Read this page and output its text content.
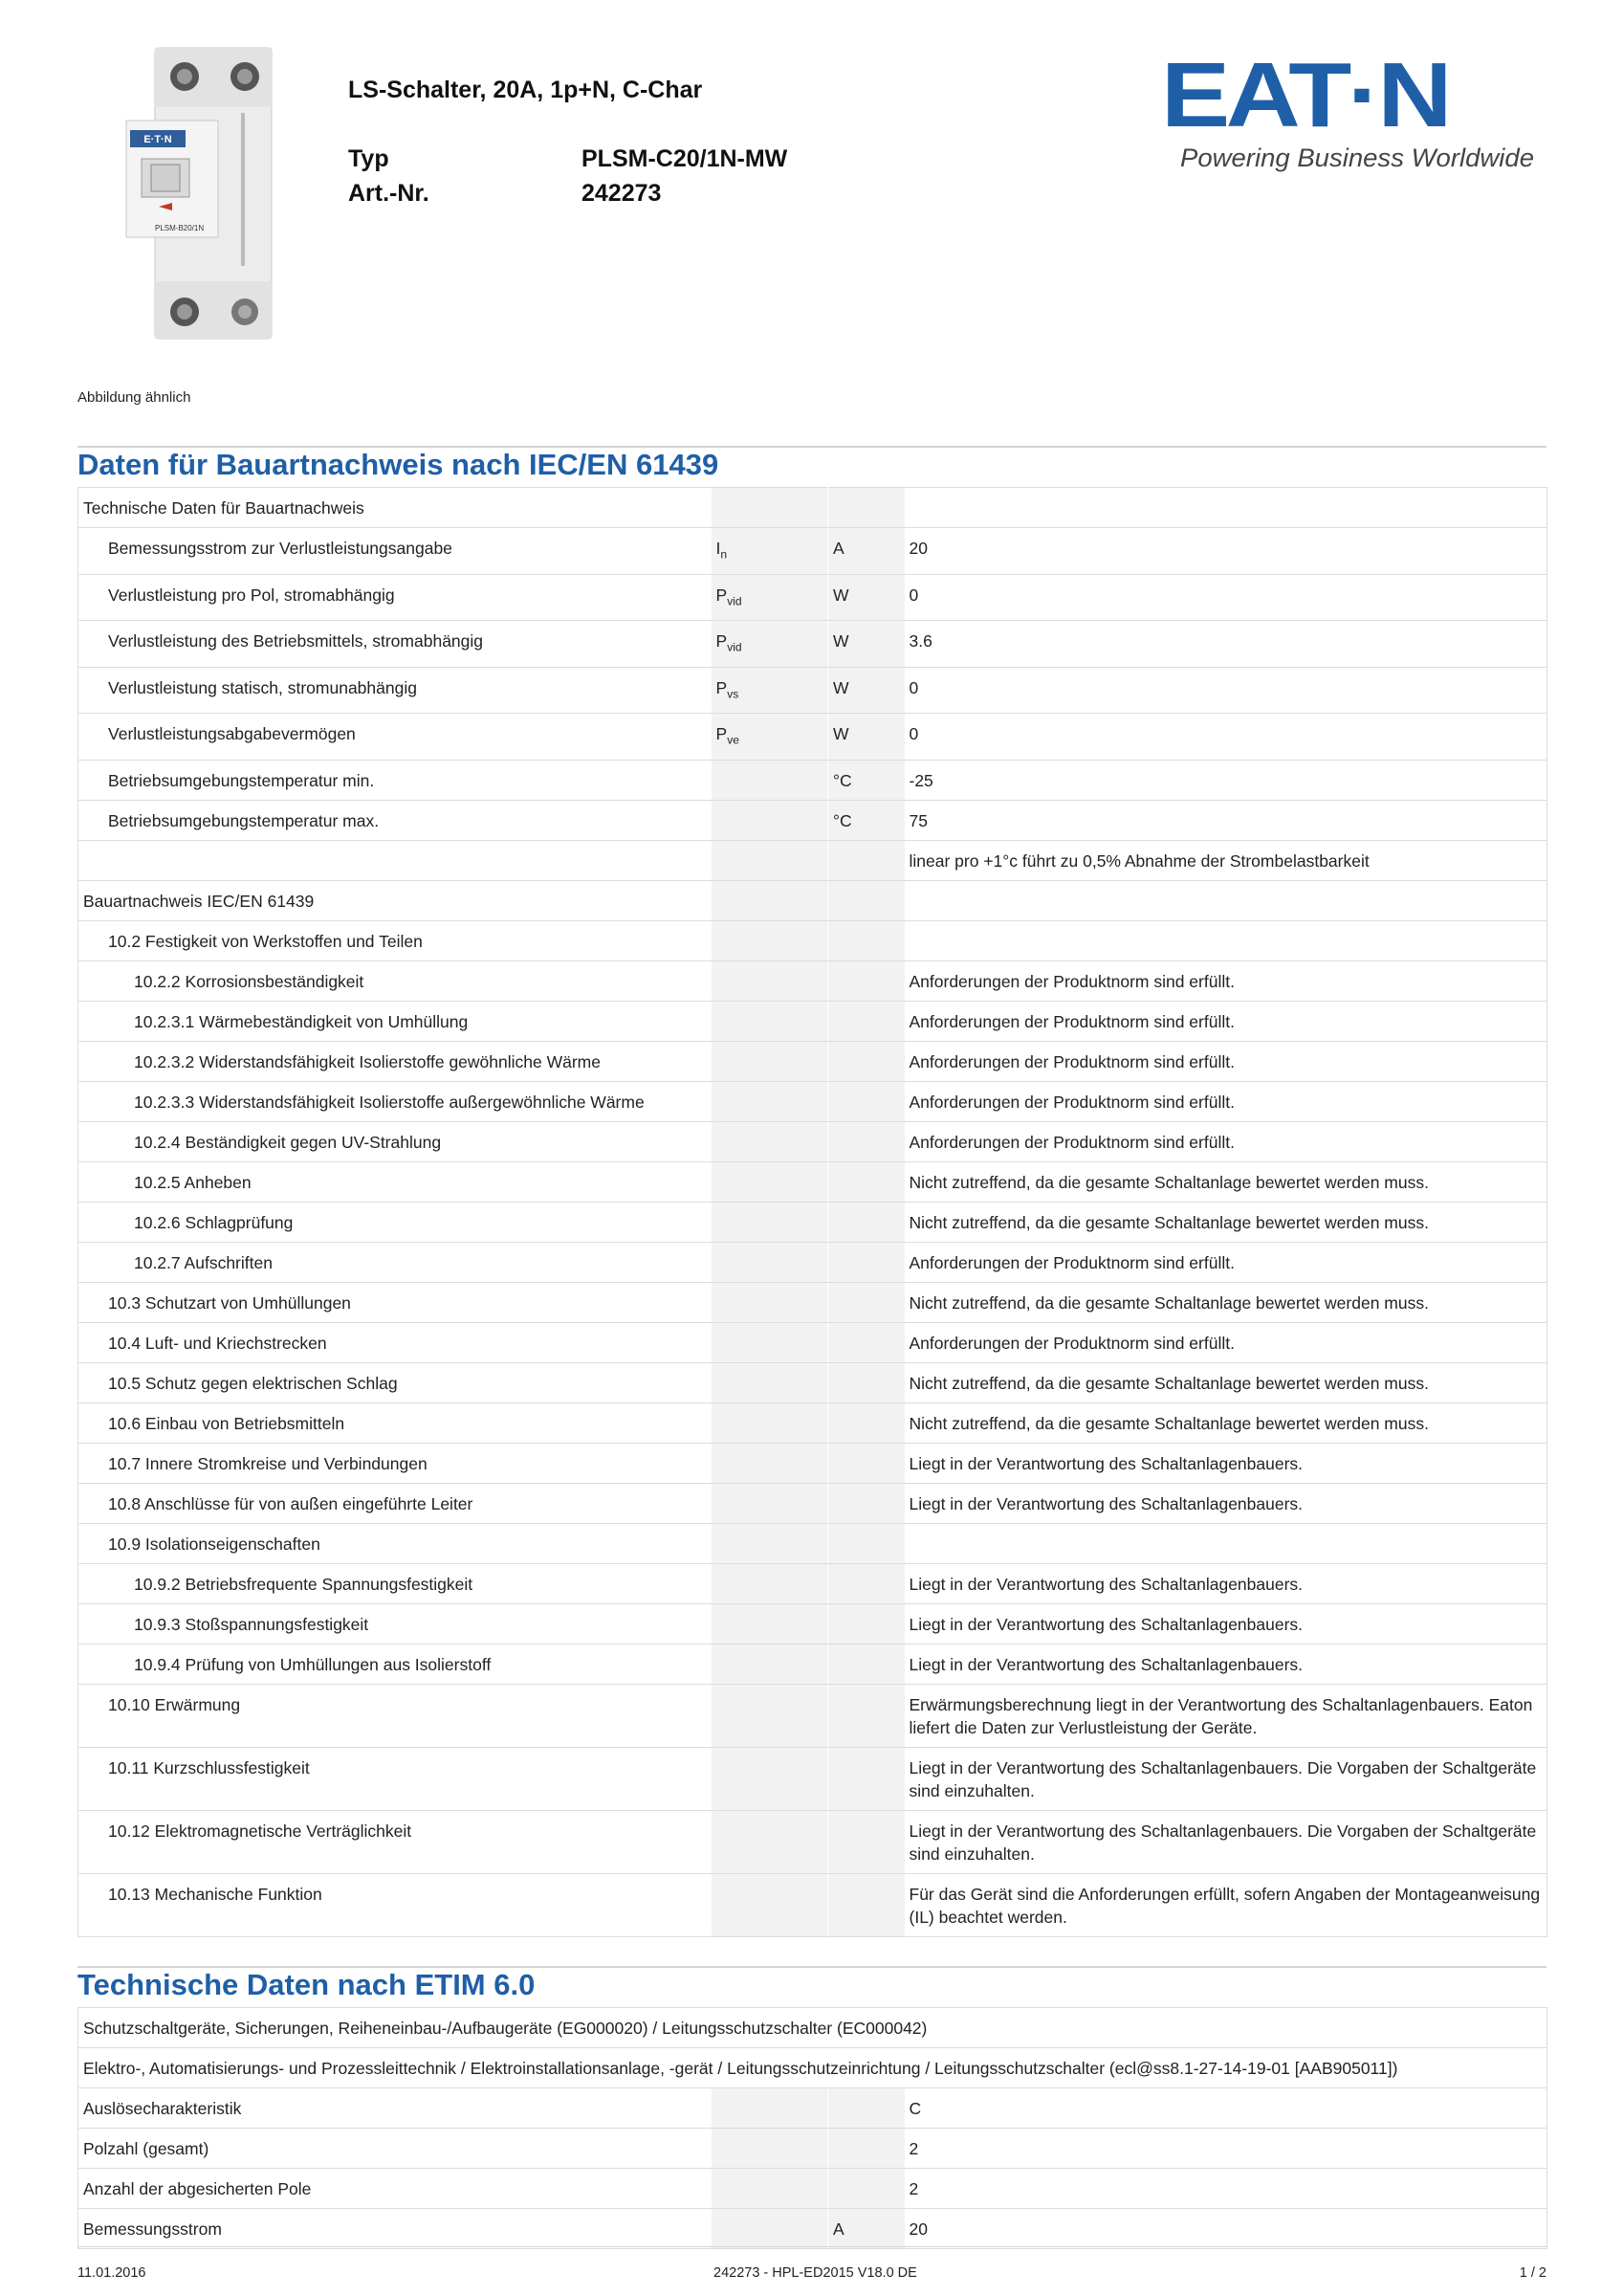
E·T·N
PLSM-B20/1N
LS-Schalter, 20A, 1p+N, C-Char
Typ	PLSM-C20/1N-MW
Art.-Nr.	242273
EAT·N
Powering Business Worldwide
Abbildung ähnlich
Daten für Bauartnachweis nach IEC/EN 61439
Technische Daten für Bauartnachweis			
Bemessungsstrom zur Verlustleistungsangabe	$I_n$	A	20
Verlustleistung pro Pol, stromabhängig	$P_{vid}$	W	0
Verlustleistung des Betriebsmittels, stromabhängig	$P_{vid}$	W	3.6
Verlustleistung statisch, stromunabhängig	$P_{vs}$	W	0
Verlustleistungsabgabevermögen	$P_{ve}$	W	0
Betriebsumgebungstemperatur min.		°C	-25
Betriebsumgebungstemperatur max.		°C	75
			linear pro +1°c führt zu 0,5% Abnahme der Strombelastbarkeit
Bauartnachweis IEC/EN 61439			
10.2 Festigkeit von Werkstoffen und Teilen			
10.2.2 Korrosionsbeständigkeit			Anforderungen der Produktnorm sind erfüllt.
10.2.3.1 Wärmebeständigkeit von Umhüllung			Anforderungen der Produktnorm sind erfüllt.
10.2.3.2 Widerstandsfähigkeit Isolierstoffe gewöhnliche Wärme			Anforderungen der Produktnorm sind erfüllt.
10.2.3.3 Widerstandsfähigkeit Isolierstoffe außergewöhnliche Wärme			Anforderungen der Produktnorm sind erfüllt.
10.2.4 Beständigkeit gegen UV-Strahlung			Anforderungen der Produktnorm sind erfüllt.
10.2.5 Anheben			Nicht zutreffend, da die gesamte Schaltanlage bewertet werden muss.
10.2.6 Schlagprüfung			Nicht zutreffend, da die gesamte Schaltanlage bewertet werden muss.
10.2.7 Aufschriften			Anforderungen der Produktnorm sind erfüllt.
10.3 Schutzart von Umhüllungen			Nicht zutreffend, da die gesamte Schaltanlage bewertet werden muss.
10.4 Luft- und Kriechstrecken			Anforderungen der Produktnorm sind erfüllt.
10.5 Schutz gegen elektrischen Schlag			Nicht zutreffend, da die gesamte Schaltanlage bewertet werden muss.
10.6 Einbau von Betriebsmitteln			Nicht zutreffend, da die gesamte Schaltanlage bewertet werden muss.
10.7 Innere Stromkreise und Verbindungen			Liegt in der Verantwortung des Schaltanlagenbauers.
10.8 Anschlüsse für von außen eingeführte Leiter			Liegt in der Verantwortung des Schaltanlagenbauers.
10.9 Isolationseigenschaften			
10.9.2 Betriebsfrequente Spannungsfestigkeit			Liegt in der Verantwortung des Schaltanlagenbauers.
10.9.3 Stoßspannungsfestigkeit			Liegt in der Verantwortung des Schaltanlagenbauers.
10.9.4 Prüfung von Umhüllungen aus Isolierstoff			Liegt in der Verantwortung des Schaltanlagenbauers.
10.10 Erwärmung			Erwärmungsberechnung liegt in der Verantwortung des Schaltanlagenbauers. Eaton liefert die Daten zur Verlustleistung der Geräte.
10.11 Kurzschlussfestigkeit			Liegt in der Verantwortung des Schaltanlagenbauers. Die Vorgaben der Schaltgeräte sind einzuhalten.
10.12 Elektromagnetische Verträglichkeit			Liegt in der Verantwortung des Schaltanlagenbauers. Die Vorgaben der Schaltgeräte sind einzuhalten.
10.13 Mechanische Funktion			Für das Gerät sind die Anforderungen erfüllt, sofern Angaben der Montageanweisung (IL) beachtet werden.
Technische Daten nach ETIM 6.0
Schutzschaltgeräte, Sicherungen, Reiheneinbau-/Aufbaugeräte (EG000020) / Leitungsschutzschalter (EC000042)			
Elektro-, Automatisierungs- und Prozessleittechnik / Elektroinstallationsanlage, -gerät / Leitungsschutzeinrichtung / Leitungsschutzschalter (ecl@ss8.1-27-14-19-01 [AAB905011])			
Auslösecharakteristik			C
Polzahl (gesamt)			2
Anzahl der abgesicherten Pole			2
Bemessungsstrom		A	20
11.01.2016	242273 - HPL-ED2015 V18.0 DE	1 / 2
